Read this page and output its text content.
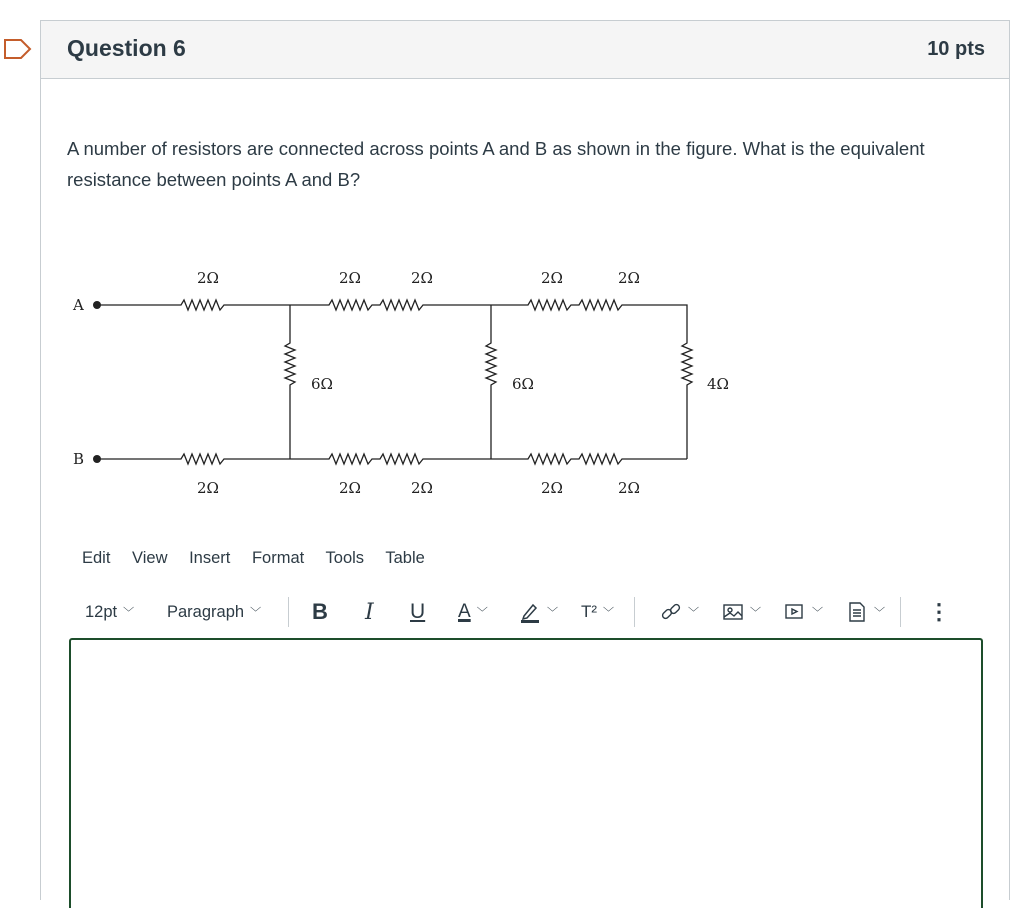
Question 6	10 pts
A number of resistors are connected across points A and B as shown in the figure. What is the equivalent resistance between points A and B?
A
B
2Ω	2Ω	2Ω	2Ω	2Ω
2Ω	2Ω	2Ω	2Ω	2Ω
6Ω	6Ω	4Ω
Edit View Insert Format Tools Table
12pt ﹀ Paragraph ﹀ B I U A ﹀	﹀ T² ﹀	﹀	﹀	﹀	﹀ ⋮
